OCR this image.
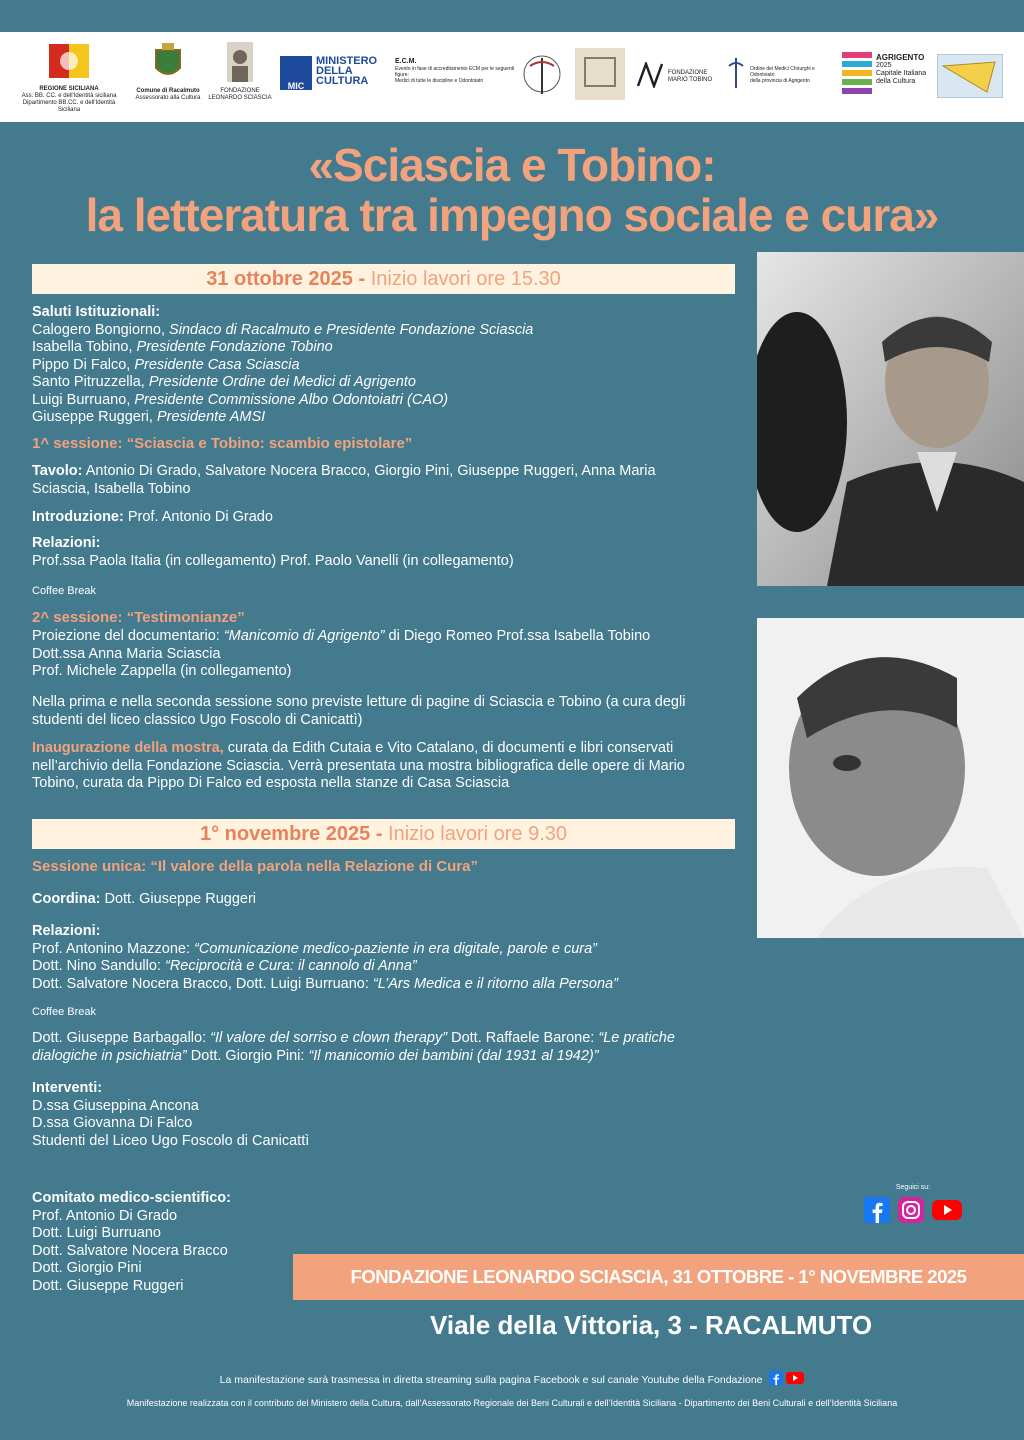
REGIONE SICILIANA
Ass. BB. CC. e dell'Identità siciliana
Dipartimento BB.CC. e dell'Identità Siciliana
Comune di Racalmuto
Assessorato alla Cultura
FONDAZIONE
LEONARDO SCIASCIA
MIC
MINISTERO
DELLA
CULTURA
E.C.M.
Evento in fase di accreditamento ECM per le seguenti figure:
Medici di tutte le discipline e Odontoiatri
FONDAZIONE
MARIO TOBINO
Ordine dei Medici Chirurghi e Odontoiatri
della provincia di Agrigento
AGRIGENTO
2025
Capitale Italiana
della Cultura
«Sciascia e Tobino:
la letteratura tra impegno sociale e cura»
31 ottobre 2025 - Inizio lavori ore 15.30
Saluti Istituzionali:
Calogero Bongiorno, Sindaco di Racalmuto e Presidente Fondazione Sciascia
Isabella Tobino, Presidente Fondazione Tobino
Pippo Di Falco, Presidente Casa Sciascia
Santo Pitruzzella, Presidente Ordine dei Medici di Agrigento
Luigi Burruano, Presidente Commissione Albo Odontoiatri (CAO)
Giuseppe Ruggeri, Presidente AMSI
1^ sessione: “Sciascia e Tobino: scambio epistolare”
Tavolo: Antonio Di Grado, Salvatore Nocera Bracco, Giorgio Pini, Giuseppe Ruggeri, Anna Maria
Sciascia, Isabella Tobino
Introduzione: Prof. Antonio Di Grado
Relazioni:
Prof.ssa Paola Italia (in collegamento) Prof. Paolo Vanelli (in collegamento)
Coffee Break
2^ sessione: “Testimonianze”
Proiezione del documentario: “Manicomio di Agrigento” di Diego Romeo Prof.ssa Isabella Tobino
Dott.ssa Anna Maria Sciascia
Prof. Michele Zappella (in collegamento)
Nella prima e nella seconda sessione sono previste letture di pagine di Sciascia e Tobino (a cura degli
studenti del liceo classico Ugo Foscolo di Canicattì)
Inaugurazione della mostra, curata da Edith Cutaia e Vito Catalano, di documenti e libri conservati
nell’archivio della Fondazione Sciascia. Verrà presentata una mostra bibliografica delle opere di Mario
Tobino, curata da Pippo Di Falco ed esposta nella stanze di Casa Sciascia
1° novembre 2025 - Inizio lavori ore 9.30
Sessione unica: “Il valore della parola nella Relazione di Cura”
Coordina: Dott. Giuseppe Ruggeri
Relazioni:
Prof. Antonino Mazzone: “Comunicazione medico-paziente in era digitale, parole e cura”
Dott. Nino Sandullo: “Reciprocità e Cura: il cannolo di Anna”
Dott. Salvatore Nocera Bracco, Dott. Luigi Burruano: “L’Ars Medica e il ritorno alla Persona”
Coffee Break
Dott. Giuseppe Barbagallo: “Il valore del sorriso e clown therapy” Dott. Raffaele Barone: “Le pratiche
dialogiche in psichiatria” Dott. Giorgio Pini: “Il manicomio dei bambini (dal 1931 al 1942)”
Interventi:
D.ssa Giuseppina Ancona
D.ssa Giovanna Di Falco
Studenti del Liceo Ugo Foscolo di Canicattì
Comitato medico-scientifico:
Prof. Antonio Di Grado
Dott. Luigi Burruano
Dott. Salvatore Nocera Bracco
Dott. Giorgio Pini
Dott. Giuseppe Ruggeri
Seguici su:
FONDAZIONE LEONARDO SCIASCIA, 31 OTTOBRE - 1° NOVEMBRE 2025
Viale della Vittoria, 3 - RACALMUTO
La manifestazione sarà trasmessa in diretta streaming sulla pagina Facebook e sul canale Youtube della Fondazione
Manifestazione realizzata con il contributo del Ministero della Cultura, dall’Assessorato Regionale dei Beni Culturali e dell’Identità Siciliana - Dipartimento dei Beni Culturali e dell’Identità Siciliana
